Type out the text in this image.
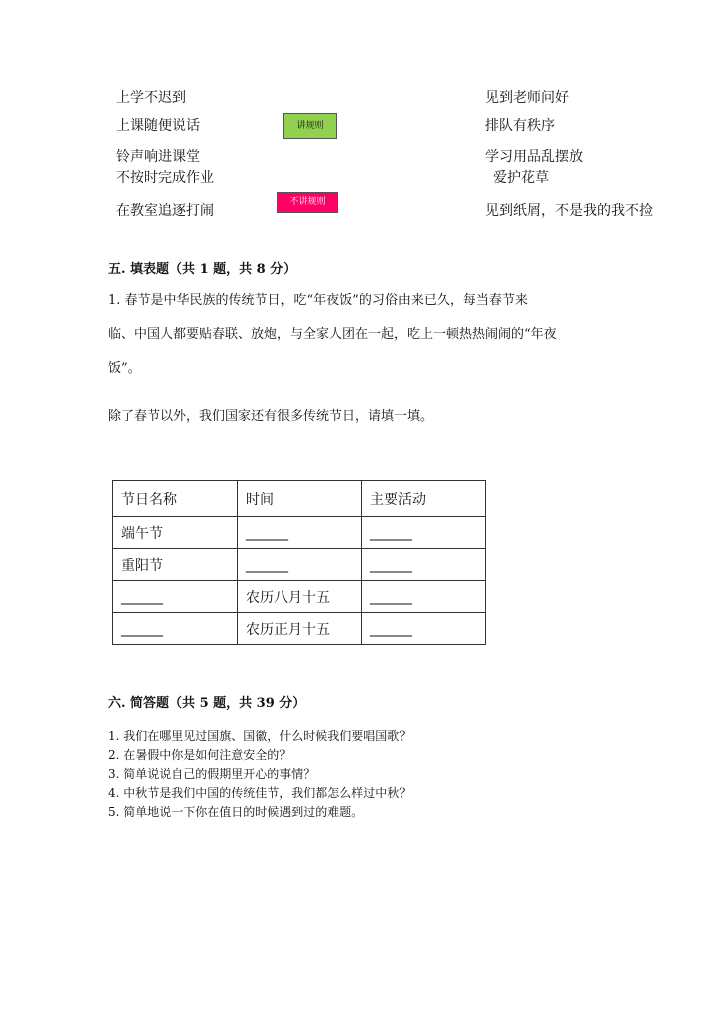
上学不迟到
上课随便说话
铃声响进课堂
不按时完成作业
在教室追逐打闹
讲规则
不讲规则
见到老师问好
排队有秩序
学习用品乱摆放
爱护花草
见到纸屑，不是我的我不捡
五. 填表题（共 1 题，共 8 分）
1. 春节是中华民族的传统节日，吃“年夜饭”的习俗由来已久，每当春节来
临、中国人都要贴春联、放炮，与全家人团在一起，吃上一顿热热闹闹的“年夜
饭”。
除了春节以外，我们国家还有很多传统节日，请填一填。
节日名称	时间	主要活动
端午节	______	______
重阳节	______	______
______	农历八月十五	______
______	农历正月十五	______
六. 简答题（共 5 题，共 39 分）
1. 我们在哪里见过国旗、国徽，什么时候我们要唱国歌？
2. 在暑假中你是如何注意安全的？
3. 简单说说自己的假期里开心的事情？
4. 中秋节是我们中国的传统佳节，我们都怎么样过中秋？
5. 简单地说一下你在值日的时候遇到过的难题。
